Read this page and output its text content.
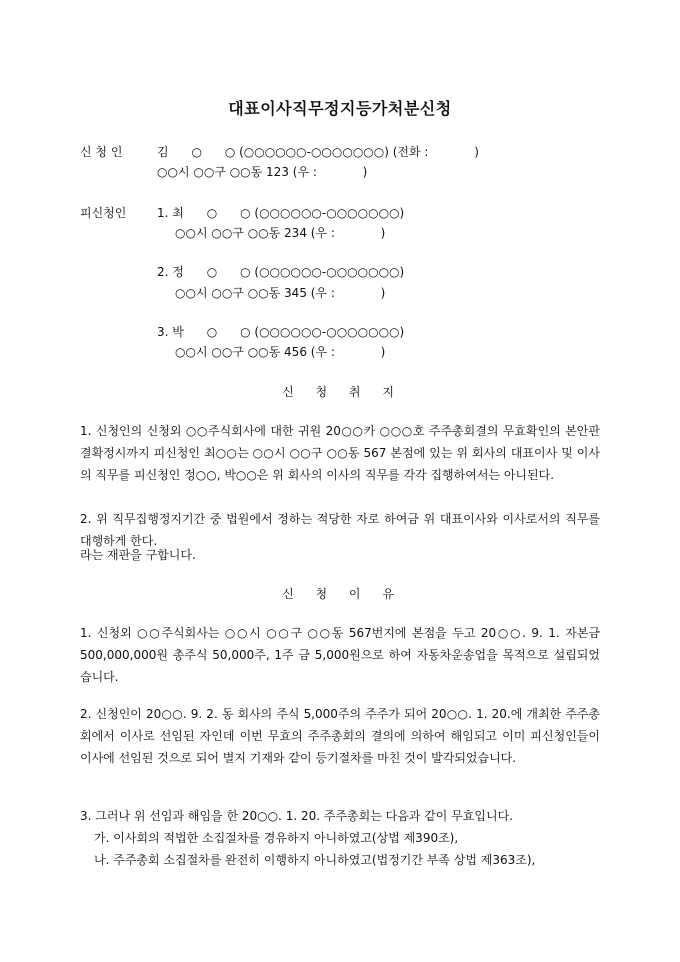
대표이사직무정지등가처분신청
신 청 인	김      ○      ○ (○○○○○○-○○○○○○○) (전화 :            )
○○시 ○○구 ○○동 123 (우 :            )
피신청인	1. 최      ○      ○ (○○○○○○-○○○○○○○)
○○시 ○○구 ○○동 234 (우 :            )
2. 정      ○      ○ (○○○○○○-○○○○○○○)
○○시 ○○구 ○○동 345 (우 :            )
3. 박      ○      ○ (○○○○○○-○○○○○○○)
○○시 ○○구 ○○동 456 (우 :            )
신 청 취 지
1. 신청인의 신청외 ○○주식회사에 대한 귀원 20○○카 ○○○호 주주총회결의 무효확인의 본안판결확정시까지 피신청인 최○○는 ○○시 ○○구 ○○동 567 본점에 있는 위 회사의 대표이사 및 이사의 직무를 피신청인 정○○, 박○○은 위 회사의 이사의 직무를 각각 집행하여서는 아니된다.
2. 위 직무집행정지기간 중 법원에서 정하는 적당한 자로 하여금 위 대표이사와 이사로서의 직무를 대행하게 한다.
라는 재판을 구합니다.
신 청 이 유
1. 신청외 ○○주식회사는 ○○시 ○○구 ○○동 567번지에 본점을 두고 20○○. 9. 1. 자본금 500,000,000원 총주식 50,000주, 1주 금 5,000원으로 하여 자동차운송업을 목적으로 설립되었습니다.
2. 신청인이 20○○. 9. 2. 동 회사의 주식 5,000주의 주주가 되어 20○○. 1. 20.에 개최한 주주총회에서 이사로 선임된 자인데 이번 무효의 주주총회의 결의에 의하여 해임되고 이미 피신청인들이 이사에 선임된 것으로 되어 별지 기재와 같이 등기절차를 마친 것이 발각되었습니다.
3. 그러나 위 선임과 해임을 한 20○○. 1. 20. 주주총회는 다음과 같이 무효입니다.
가. 이사회의 적법한 소집절차를 경유하지 아니하였고(상법 제390조),
나. 주주총회 소집절차를 완전히 이행하지 아니하였고(법정기간 부족 상법 제363조),
